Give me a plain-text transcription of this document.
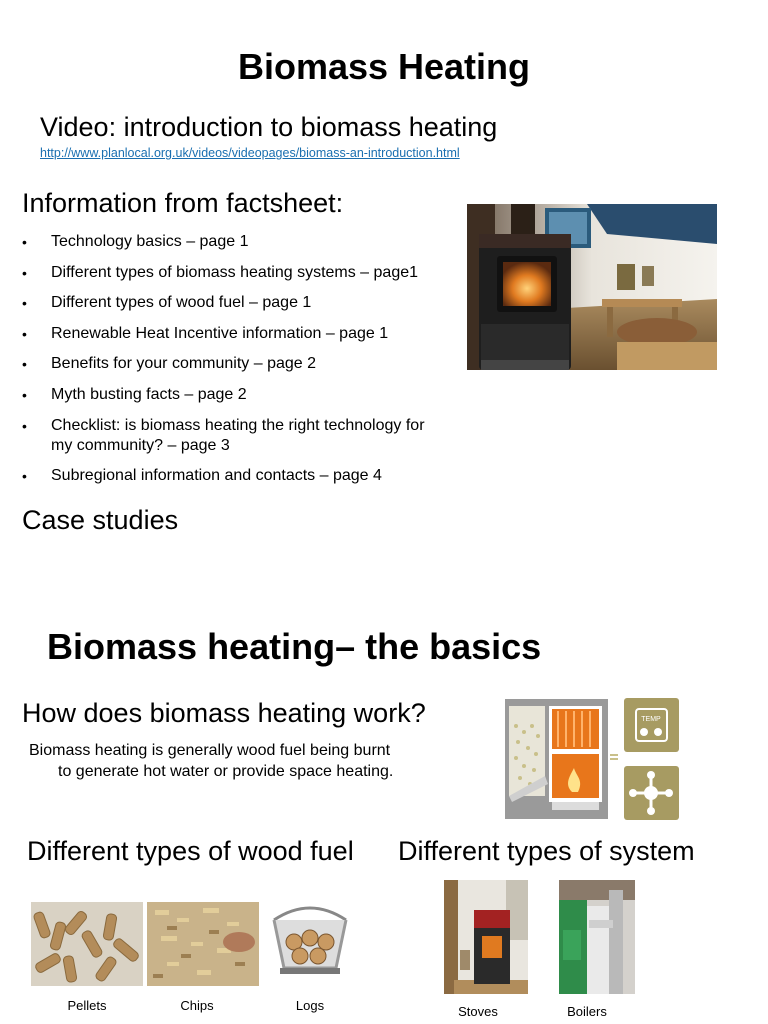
Biomass Heating
Video: introduction to biomass heating
http://www.planlocal.org.uk/videos/videopages/biomass-an-introduction.html
Information from factsheet:
• Technology basics – page 1
• Different types of biomass heating systems – page1
• Different types of wood fuel – page 1
• Renewable Heat Incentive information – page 1
• Benefits for your community – page 2
• Myth busting facts – page 2
• Checklist: is biomass heating the right technology for my community? – page 3
• Subregional information and contacts – page 4
Case studies
Biomass heating– the basics
How does biomass heating work?
Biomass heating is generally wood fuel being burnt to generate hot water or provide space heating.
TEMP
Different types of wood fuel Different types of system
Pellets	Chips	Logs	Stoves	Boilers
